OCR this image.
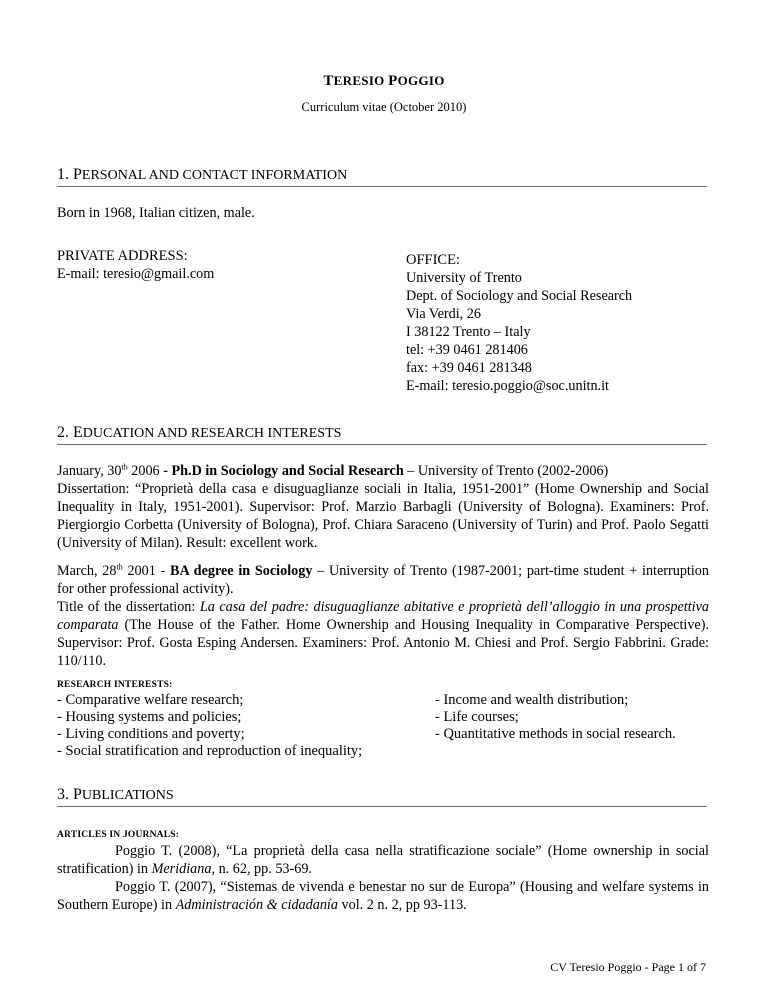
TERESIO POGGIO
Curriculum vitae (October 2010)
1. PERSONAL AND CONTACT INFORMATION
Born in 1968, Italian citizen, male.
PRIVATE ADDRESS:
E-mail: teresio@gmail.com
OFFICE:
University of Trento
Dept. of Sociology and Social Research
Via Verdi, 26
I 38122 Trento – Italy
tel: +39 0461 281406
fax: +39 0461 281348
E-mail: teresio.poggio@soc.unitn.it
2. EDUCATION AND RESEARCH INTERESTS
January, 30th 2006 - Ph.D in Sociology and Social Research – University of Trento (2002-2006)
Dissertation: “Proprietà della casa e disuguaglianze sociali in Italia, 1951-2001” (Home Ownership and Social Inequality in Italy, 1951-2001). Supervisor: Prof. Marzio Barbagli (University of Bologna). Examiners: Prof. Piergiorgio Corbetta (University of Bologna), Prof. Chiara Saraceno (University of Turin) and Prof. Paolo Segatti (University of Milan). Result: excellent work.
March, 28th 2001 - BA degree in Sociology – University of Trento (1987-2001; part-time student + interruption for other professional activity).
Title of the dissertation: La casa del padre: disuguaglianze abitative e proprietà dell’alloggio in una prospettiva comparata (The House of the Father. Home Ownership and Housing Inequality in Comparative Perspective). Supervisor: Prof. Gosta Esping Andersen. Examiners: Prof. Antonio M. Chiesi and Prof. Sergio Fabbrini. Grade: 110/110.
RESEARCH INTERESTS:
- Comparative welfare research;
- Housing systems and policies;
- Living conditions and poverty;
- Social stratification and reproduction of inequality;
- Income and wealth distribution;
- Life courses;
- Quantitative methods in social research.
3. PUBLICATIONS
ARTICLES IN JOURNALS:
Poggio T. (2008), “La proprietà della casa nella stratificazione sociale” (Home ownership in social stratification) in Meridiana, n. 62, pp. 53-69.
Poggio T. (2007), “Sistemas de vivenda e benestar no sur de Europa” (Housing and welfare systems in Southern Europe) in Administración & cidadanía vol. 2 n. 2, pp 93-113.
CV Teresio Poggio - Page 1 of 7
